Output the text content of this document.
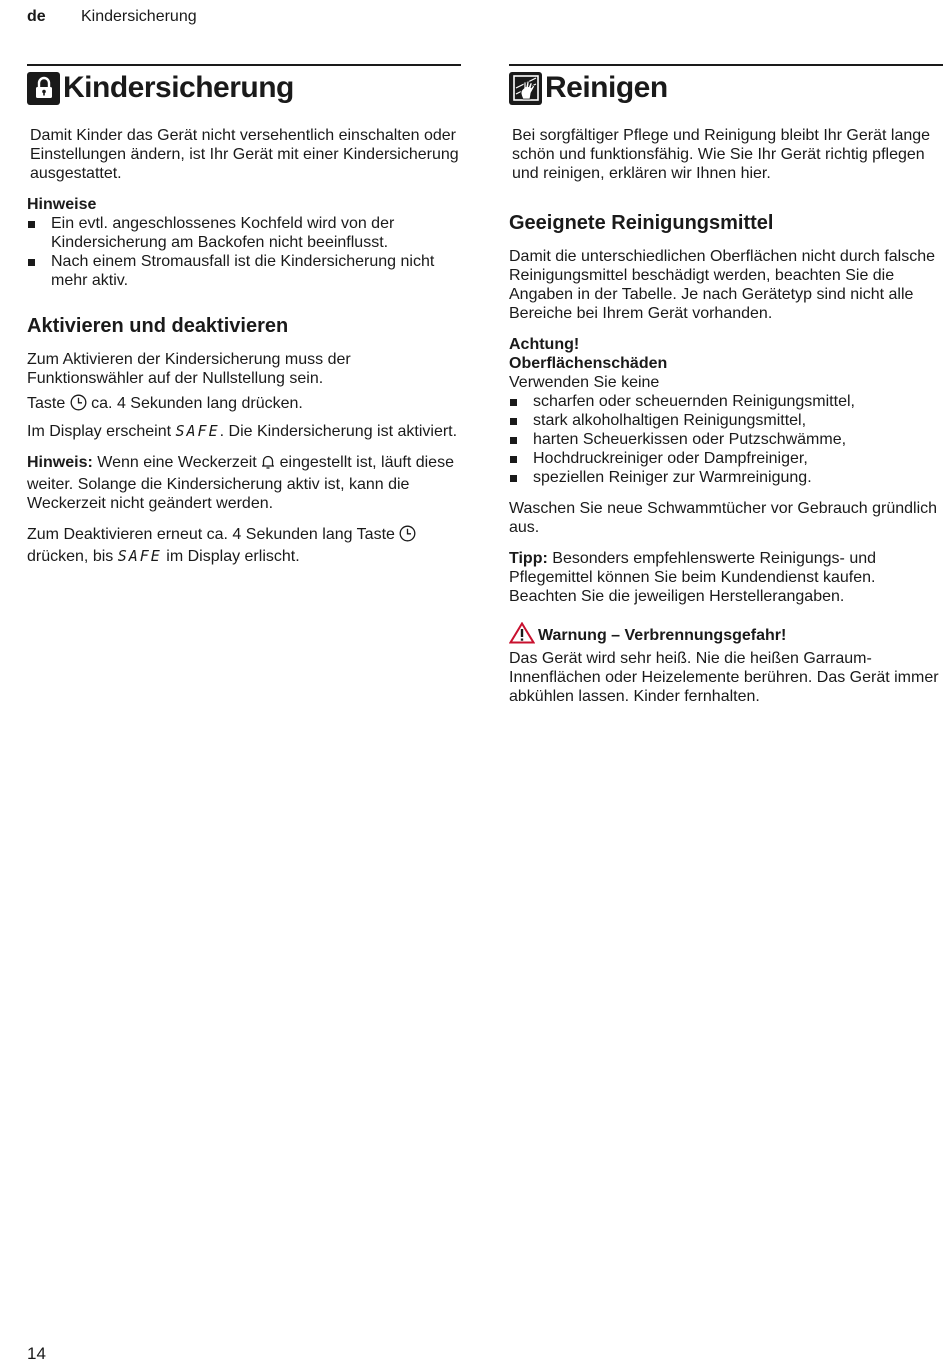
de Kindersicherung
Kindersicherung

Damit Kinder das Gerät nicht versehentlich einschalten oder Einstellungen ändern, ist Ihr Gerät mit einer Kindersicherung ausgestattet.

Hinweise

Ein evtl. angeschlossenes Kochfeld wird von der Kindersicherung am Backofen nicht beeinflusst.
Nach einem Stromausfall ist die Kindersicherung nicht mehr aktiv.
Aktivieren und deaktivieren

Zum Aktivieren der Kindersicherung muss der Funktionswähler auf der Nullstellung sein.

Taste ca. 4 Sekunden lang drücken.

Im Display erscheint SAFE. Die Kindersicherung ist aktiviert.

Hinweis: Wenn eine Weckerzeit eingestellt ist, läuft diese weiter. Solange die Kindersicherung aktiv ist, kann die Weckerzeit nicht geändert werden.

Zum Deaktivieren erneut ca. 4 Sekunden lang Taste  drücken, bis SAFE im Display erlischt.

Reinigen

Bei sorgfältiger Pflege und Reinigung bleibt Ihr Gerät lange schön und funktionsfähig. Wie Sie Ihr Gerät richtig pflegen und reinigen, erklären wir Ihnen hier.

Geeignete Reinigungsmittel

Damit die unterschiedlichen Oberflächen nicht durch falsche Reinigungsmittel beschädigt werden, beachten Sie die Angaben in der Tabelle. Je nach Gerätetyp sind nicht alle Bereiche bei Ihrem Gerät vorhanden.

Achtung!

Oberflächenschäden

Verwenden Sie keine

scharfen oder scheuernden Reinigungsmittel,
stark alkoholhaltigen Reinigungsmittel,
harten Scheuerkissen oder Putzschwämme,
Hochdruckreiniger oder Dampfreiniger,
speziellen Reiniger zur Warmreinigung.

Waschen Sie neue Schwammtücher vor Gebrauch gründlich aus.

Tipp: Besonders empfehlenswerte Reinigungs- und Pflegemittel können Sie beim Kundendienst kaufen. Beachten Sie die jeweiligen Herstellerangaben.

Warnung – Verbrennungsgefahr!

Das Gerät wird sehr heiß. Nie die heißen Garraum-Innenflächen oder Heizelemente berühren. Das Gerät immer abkühlen lassen. Kinder fernhalten.

14
